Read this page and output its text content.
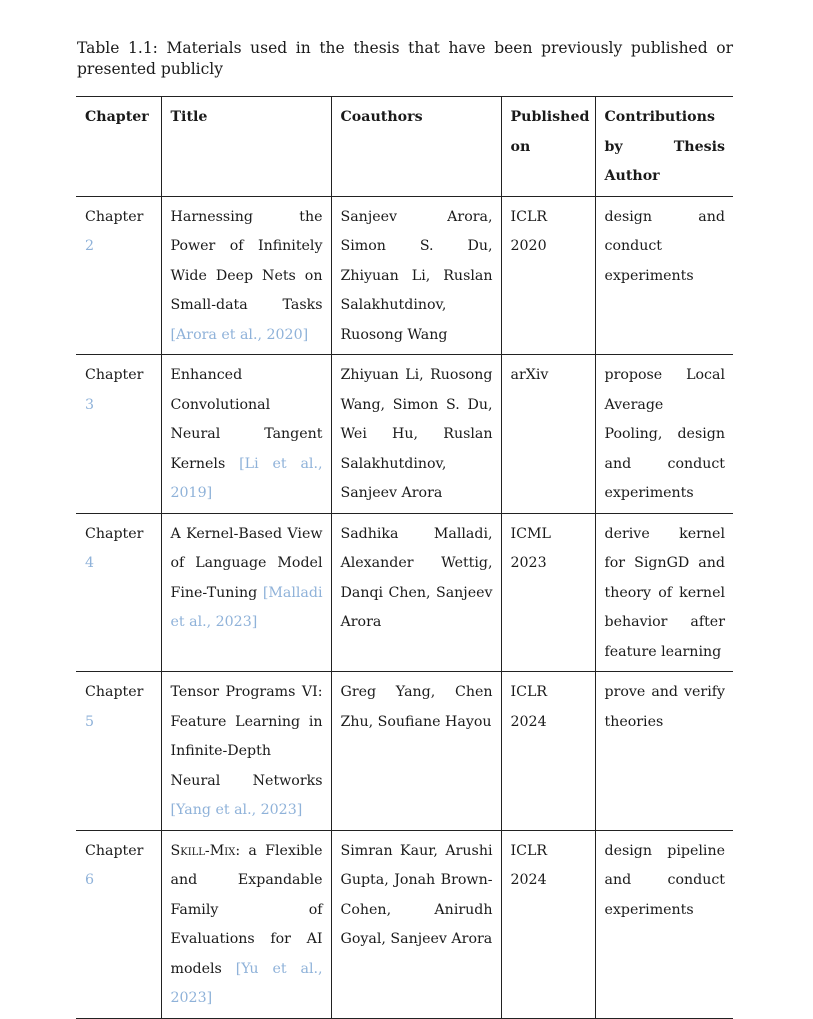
Table 1.1: Materials used in the thesis that have been previously published or presented publicly
Chapter	Title	Coauthors	Published on	Contributions by Thesis Author
Chapter 2	Harnessing the Power of Infinitely Wide Deep Nets on Small-data Tasks [Arora et al., 2020]	Sanjeev Arora, Simon S. Du, Zhiyuan Li, Ruslan Salakhutdinov, Ruosong Wang	ICLR 2020	design and conduct experiments
Chapter 3	Enhanced Convolutional Neural Tangent Kernels [Li et al., 2019]	Zhiyuan Li, Ruosong Wang, Simon S. Du, Wei Hu, Ruslan Salakhutdinov, Sanjeev Arora	arXiv	propose Local Average Pooling, design and conduct experiments
Chapter 4	A Kernel-Based View of Language Model Fine-Tuning [Malladi et al., 2023]	Sadhika Malladi, Alexander Wettig, Danqi Chen, Sanjeev Arora	ICML 2023	derive kernel for SignGD and theory of kernel behavior after feature learning
Chapter 5	Tensor Programs VI: Feature Learning in Infinite-Depth Neural Networks [Yang et al., 2023]	Greg Yang, Chen Zhu, Soufiane Hayou	ICLR 2024	prove and verify theories
Chapter 6	Skill-Mix: a Flexible and Expandable Family of Evaluations for AI models [Yu et al., 2023]	Simran Kaur, Arushi Gupta, Jonah Brown-Cohen, Anirudh Goyal, Sanjeev Arora	ICLR 2024	design pipeline and conduct experiments
